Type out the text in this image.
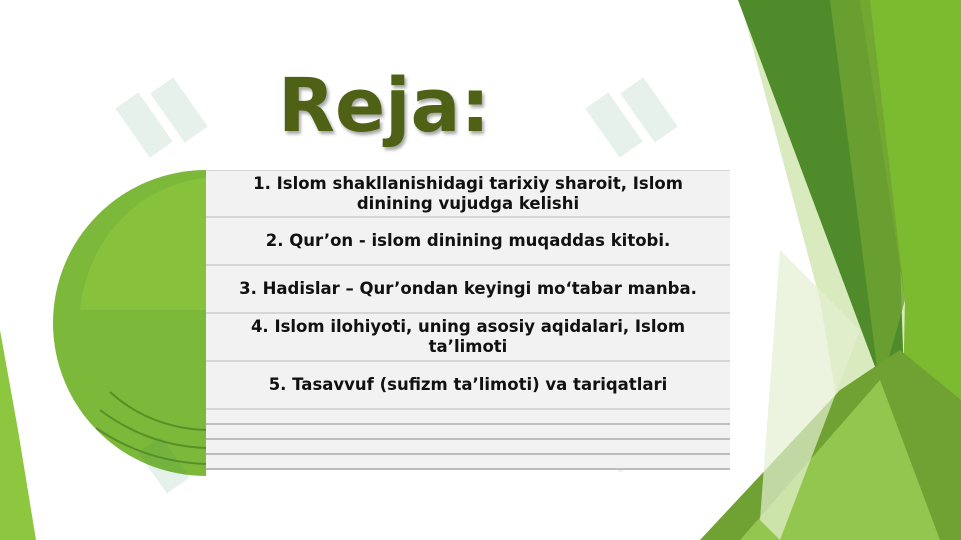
Reja:
1. Islom shakllanishidagi tarixiy sharoit, Islom dinining vujudga kelishi
2. Qur’on - islom dinining muqaddas kitobi.
3. Hadislar – Qur’ondan keyingi mo‘tabar manba.
4. Islom ilohiyoti, uning asosiy aqidalari, Islom ta’limoti
5. Tasavvuf (sufizm ta’limoti) va tariqatlari
